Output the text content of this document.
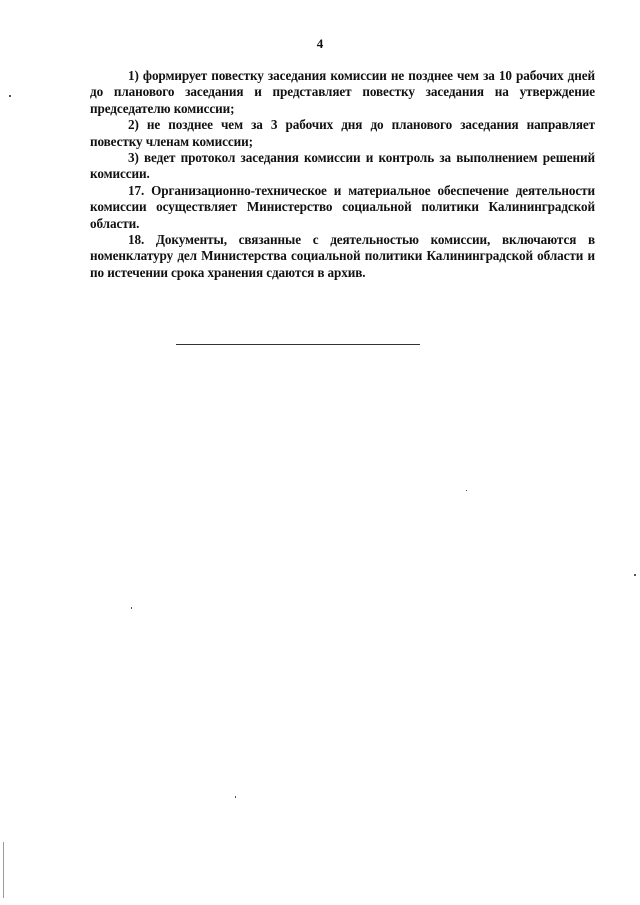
4

1) формирует повестку заседания комиссии не позднее чем за 10 рабочих дней до планового заседания и представляет повестку заседания на утверждение председателю комиссии;

2) не позднее чем за 3 рабочих дня до планового заседания направляет повестку членам комиссии;

3) ведет протокол заседания комиссии и контроль за выполнением решений комиссии.

17. Организационно-техническое и материальное обеспечение деятельности комиссии осуществляет Министерство социальной политики Калининградской области.

18. Документы, связанные с деятельностью комиссии, включаются в номенклатуру дел Министерства социальной политики Калининградской области и по истечении срока хранения сдаются в архив.
